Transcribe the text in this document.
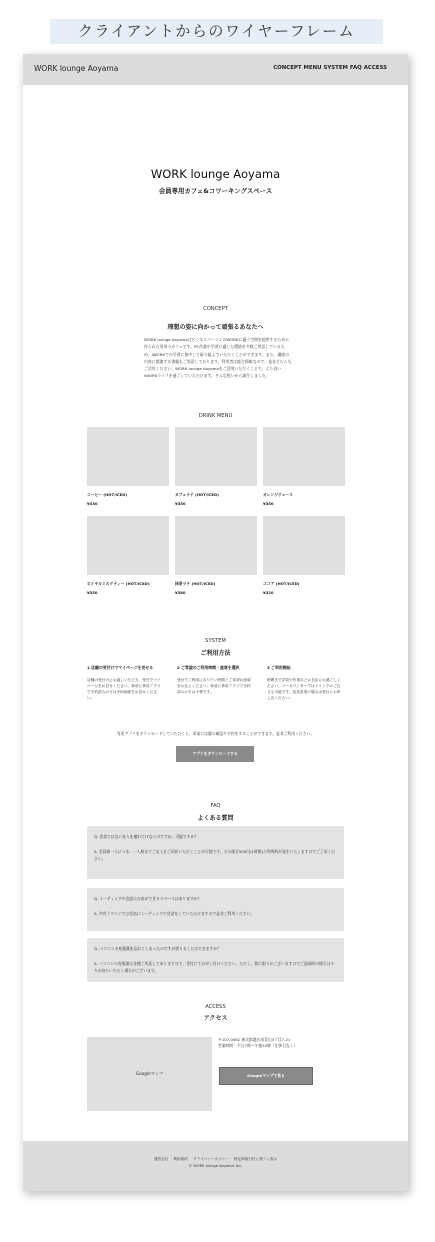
クライアントからのワイヤーフレーム
WORK lounge Aoyama	CONCEPT MENU SYSTEM FAQ ACCESS
WORK lounge Aoyama
会員専用カフェ&コワーキングスペース
CONCEPT
理想の姿に向かって頑張るあなたへ
WORK lounge AoyamaはビジネスパーソンのWORKに適う空間を提供するために作られた専用のカフェです。PC作業や学習に適した環境を多数ご用意しているため、iWORKでの学習に集中して取り組んでいただくことができます。また、講座の内容に関連する書籍もご用意しております。利用者は総合情報なので、是非そちらもご活用ください。WORK lounge Aoyamaをご活用いただくことで、より良いiWORKライフを過ごしていただけます。そんな想いから誕生しました。
DRINK MENU
コーヒー (HOT/ICED)
¥330
カフェラテ (HOT/ICED)
¥350
オレンジジュース
¥350
ロイヤルミルクティー (HOT/ICED)
¥350
抹茶ラテ (HOT/ICED)
¥380
ココア (HOT/ICED)
¥320
SYSTEM
ご利用方法
1 店舗の受付けでマイページを見せる
店舗の受付けにお越しいただき、受付でマイページをお見せください。事前に専用アプリで予約済みの方は予約画面をお見せください。
2 ご希望のご利用時間・座席を選択
受付でご利用になりたい時間とご希望の座席をお伝えください。事前に専用アプリで予約済みの方は不要です。
3 ご利用開始
時間まで学習や作業などお自由にお過ごしください。バーカウンターではドリンクのご注文も可能です。延長希望の場合は受付にお申し出ください。
専用アプリをダウンロードしていただくと、事前に店舗の確認や予約をすることができます。是非ご利用ください。
アプリをダウンロードする
FAQ
よくある質問
Q. 会員ではない友人を連れてけないのですか。可能ですか？
A. 会員様一人につき、一人様までご友人をご同伴いただくことが可能です。その場合500円(1時間)の利用料が発生いたしますのでご了承ください。
Q. ミーティングや会話に自由ができるスペースはありますか？
A. 共有ラウンジでは会話にミーティングや会話をしていただけますので是非ご利用ください。
Q. パソコンの充電器を忘れてしまったのですが借りることはできますか？
A. パソコンの充電器は各種ご用意してありますので、受付にてお申し付けください。ただし、数に限りがございますのでご返却時の場合はタキお待ちいただく場合がございます。
ACCESS
アクセス
Googleマップ
〒107-0062 東京都港区南青山3丁目7-21
営業時間：平日7時〜午後10時（定休日なし）
Googleマップで見る
運営会社 利用規約 プライバシーポリシー 特定商取引法に基づく表示
© WORK lounge Aoyama, Inc.
